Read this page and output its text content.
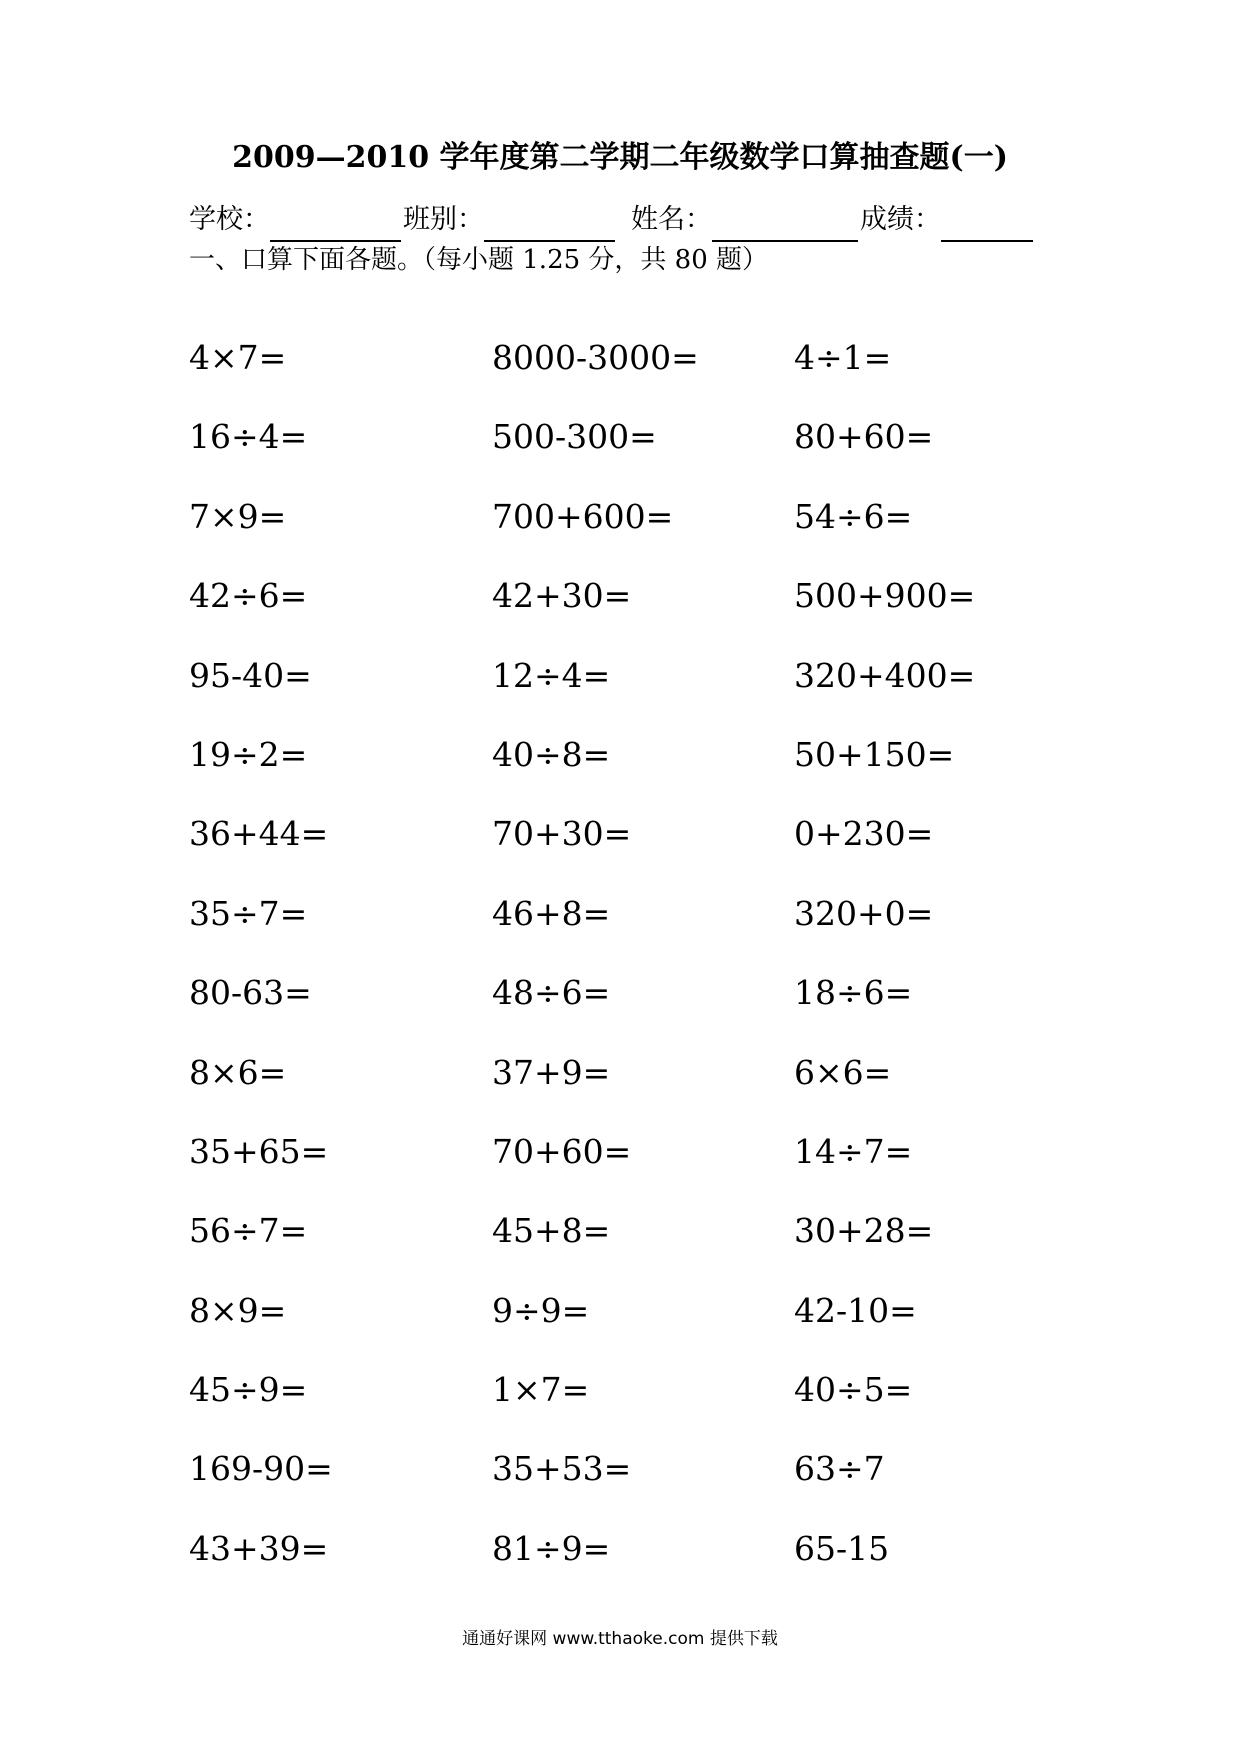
2009—2010 学年度第二学期二年级数学口算抽查题(一)
学校：	班别：	姓名：	成绩：
一、口算下面各题。（每小题 1.25 分，共 80 题）
4×7=	8000-3000=	4÷1=
16÷4=	500-300=	80+60=
7×9=	700+600=	54÷6=
42÷6=	42+30=	500+900=
95-40=	12÷4=	320+400=
19÷2=	40÷8=	50+150=
36+44=	70+30=	0+230=
35÷7=	46+8=	320+0=
80-63=	48÷6=	18÷6=
8×6=	37+9=	6×6=
35+65=	70+60=	14÷7=
56÷7=	45+8=	30+28=
8×9=	9÷9=	42-10=
45÷9=	1×7=	40÷5=
169-90=	35+53=	63÷7
43+39=	81÷9=	65-15
通通好课网 www.tthaoke.com 提供下载
